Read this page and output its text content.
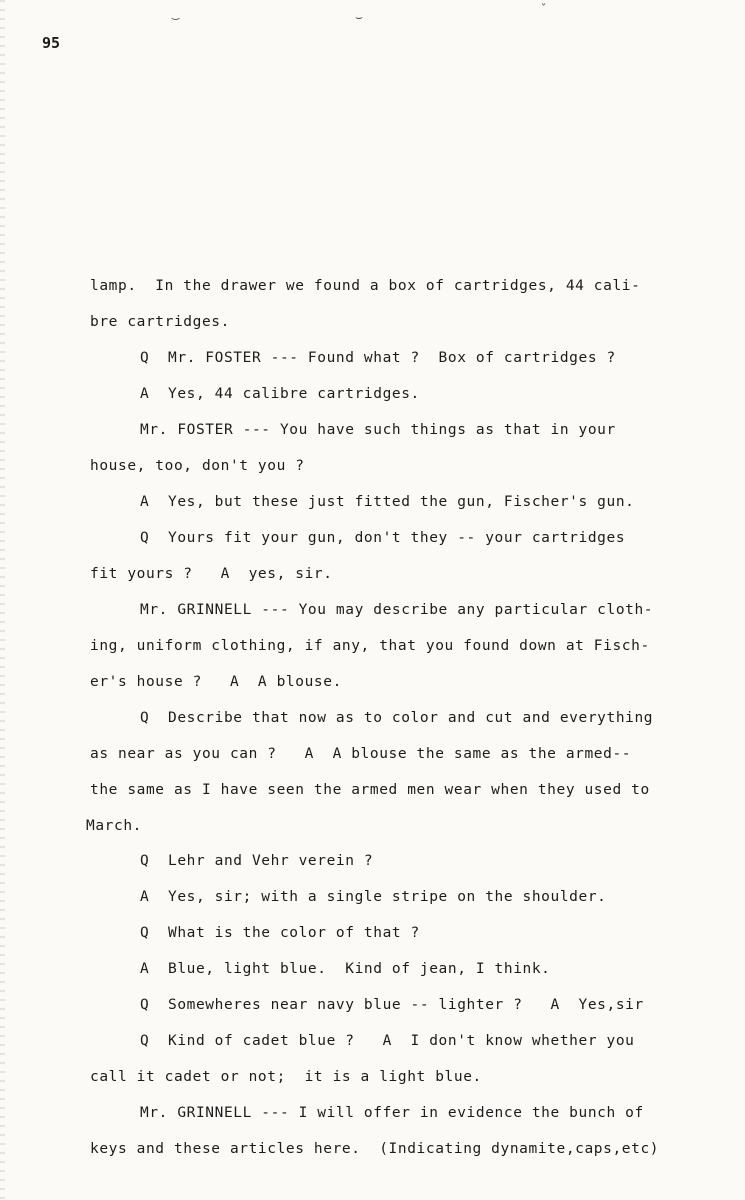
‿	⌣
ˇ
95
lamp.  In the drawer we found a box of cartridges, 44 cali-
bre cartridges.
Q  Mr. FOSTER --- Found what ?  Box of cartridges ?
A  Yes, 44 calibre cartridges.
Mr. FOSTER --- You have such things as that in your
house, too, don't you ?
A  Yes, but these just fitted the gun, Fischer's gun.
Q  Yours fit your gun, don't they -- your cartridges
fit yours ?   A  yes, sir.
Mr. GRINNELL --- You may describe any particular cloth-
ing, uniform clothing, if any, that you found down at Fisch-
er's house ?   A  A blouse.
Q  Describe that now as to color and cut and everything
as near as you can ?   A  A blouse the same as the armed--
the same as I have seen the armed men wear when they used to
March.
Q  Lehr and Vehr verein ?
A  Yes, sir; with a single stripe on the shoulder.
Q  What is the color of that ?
A  Blue, light blue.  Kind of jean, I think.
Q  Somewheres near navy blue -- lighter ?   A  Yes,sir
Q  Kind of cadet blue ?   A  I don't know whether you
call it cadet or not;  it is a light blue.
Mr. GRINNELL --- I will offer in evidence the bunch of
keys and these articles here.  (Indicating dynamite,caps,etc)
